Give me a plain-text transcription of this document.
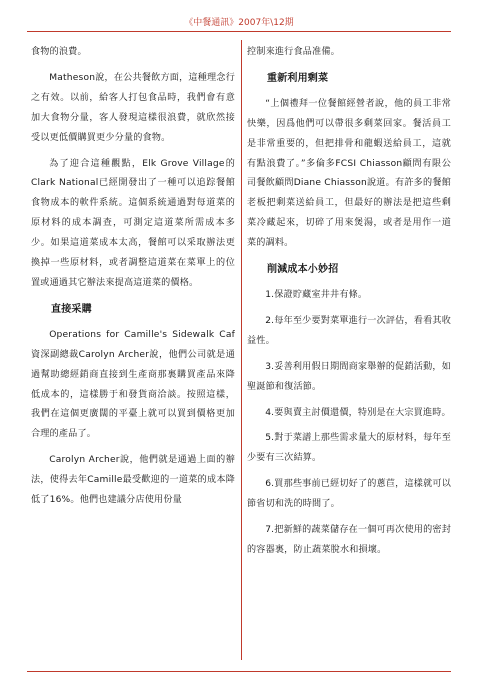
《中餐通訊》2007年\12期

食物的浪費。

Matheson說，在公共餐飲方面，這種理念行之有效。以前，給客人打包食品時，我們會有意加大食物分量，客人發現這樣很浪費，就欣然接受以更低價購買更少分量的食物。

為了迎合這種觀點，Elk Grove Village的Clark National已經開發出了一種可以追踪餐館食物成本的軟件系統。這個系統通過對每道菜的原材料的成本調查，可測定這道菜所需成本多少。如果這道菜成本太高，餐館可以采取辦法更換掉一些原材料，或者調整這道菜在菜單上的位置或通過其它辦法來提高這道菜的價格。

直接采購

Operations for Camille's Sidewalk Caf資深副總裁Carolyn Archer說，他們公司就是通過幫助總經銷商直接到生產商那裏購買產品來降低成本的，這樣勝于和發貨商洽談。按照這樣，我們在這個更廣闊的平臺上就可以買到價格更加合理的產品了。

Carolyn Archer說，他們就是通過上面的辦法，使得去年Camille最受歡迎的一道菜的成本降低了16%。他們也建議分店使用份量

控制來進行食品准備。

重新利用剩菜

“上個禮拜一位餐館經營者說，他的員工非常快樂，因爲他們可以帶很多剩菜回家。餐活員工是非常重要的，但把排骨和龍蝦送給員工，這就有點浪費了。”多倫多FCSI Chiasson顧問有限公司餐飲顧問Diane Chiasson說道。有許多的餐館老板把剩菜送給員工，但最好的辦法是把這些剩菜冷藏起來，切碎了用來煲湯，或者是用作一道菜的調料。

削減成本小妙招

1.保證貯藏室井井有條。

2.每年至少要對菜單進行一次評估，看看其收益性。

3.妥善利用假日期間商家舉辦的促銷活動，如聖誕節和復活節。

4.要與賣主討價還價，特別是在大宗買進時。

5.對于菜譜上那些需求量大的原材料，每年至少要有三次結算。

6.買那些事前已經切好了的蔥苣，這樣就可以節省切和洗的時間了。

7.把新鮮的蔬菜儲存在一個可再次使用的密封的容器裏，防止蔬菜脫水和損壞。
